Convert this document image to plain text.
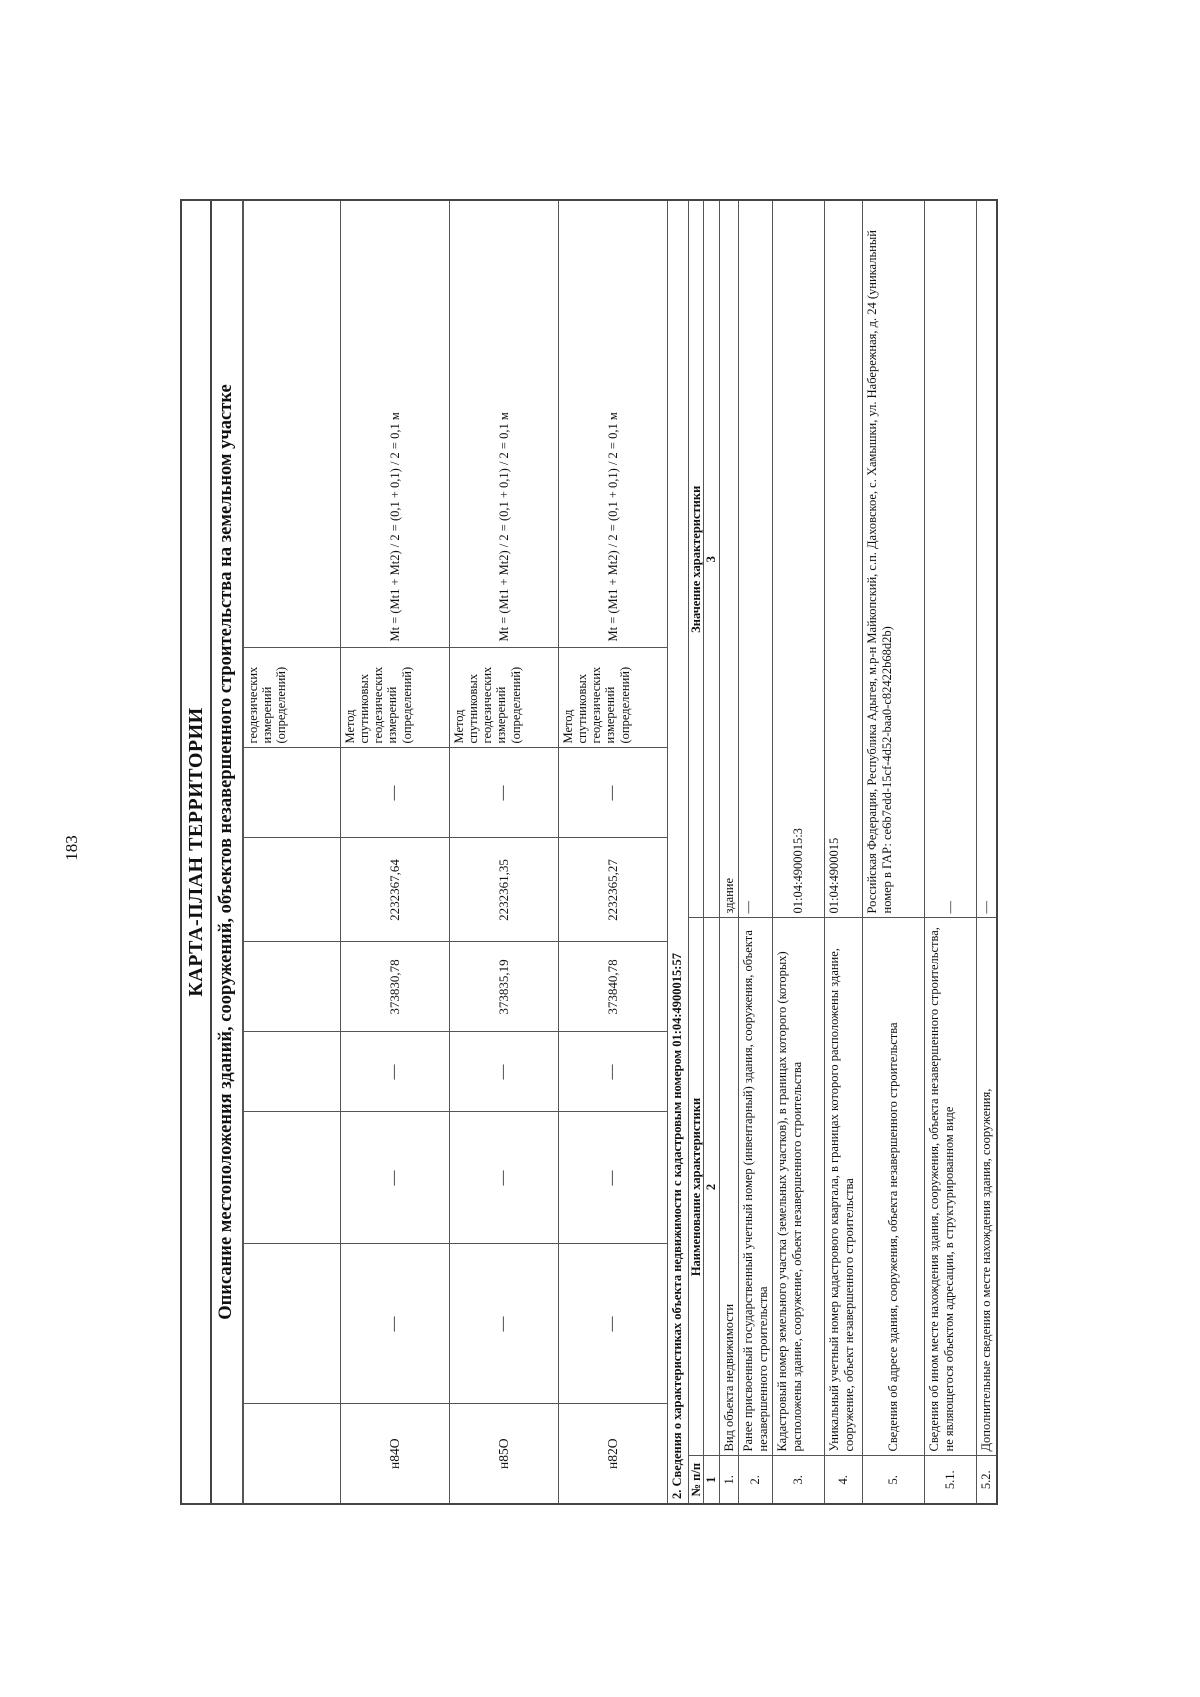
183	КАРТА-ПЛАН ТЕРРИТОРИИ Описание местоположения зданий, сооружений, объектов незавершенного строительства на земельном участке
							геодезических измерений (определений)	
н84О	—	—	—	373830,78	2232367,64	—	Метод спутниковых геодезических измерений (определений)	Mt = (Mt1 + Mt2) / 2 = (0,1 + 0,1) / 2 = 0,1 м
н85О	—	—	—	373835,19	2232361,35	—	Метод спутниковых геодезических измерений (определений)	Mt = (Mt1 + Mt2) / 2 = (0,1 + 0,1) / 2 = 0,1 м
н82О	—	—	—	373840,78	2232365,27	—	Метод спутниковых геодезических измерений (определений)	Mt = (Mt1 + Mt2) / 2 = (0,1 + 0,1) / 2 = 0,1 м
2. Сведения о характеристиках объекта недвижимости с кадастровым номером 01:04:4900015:57
№ п/п	Наименование характеристики	Значение характеристики
1	2	3
1.	Вид объекта недвижимости	здание
2.	Ранее присвоенный государственный учетный номер (инвентарный) здания, сооружения, объекта незавершенного строительства	—
3.	Кадастровый номер земельного участка (земельных участков), в границах которого (которых) расположены здание, сооружение, объект незавершенного строительства	01:04:4900015:3
4.	Уникальный учетный номер кадастрового квартала, в границах которого расположены здание, сооружение, объект незавершенного строительства	01:04:4900015
5.	Сведения об адресе здания, сооружения, объекта незавершенного строительства	Российская Федерация, Республика Адыгея, м.р-н Майкопский, с.п. Даховское, с. Хамышки, ул. Набережная, д. 24 (уникальный номер в ГАР: ce6b7edd-15cf-4d52-baa0-c82422b68d2b)
5.1.	Сведения об ином месте нахождения здания, сооружения, объекта незавершенного строительства, не являющегося объектом адресации, в структурированном виде	—
5.2.	Дополнительные сведения о месте нахождения здания, сооружения,	—
